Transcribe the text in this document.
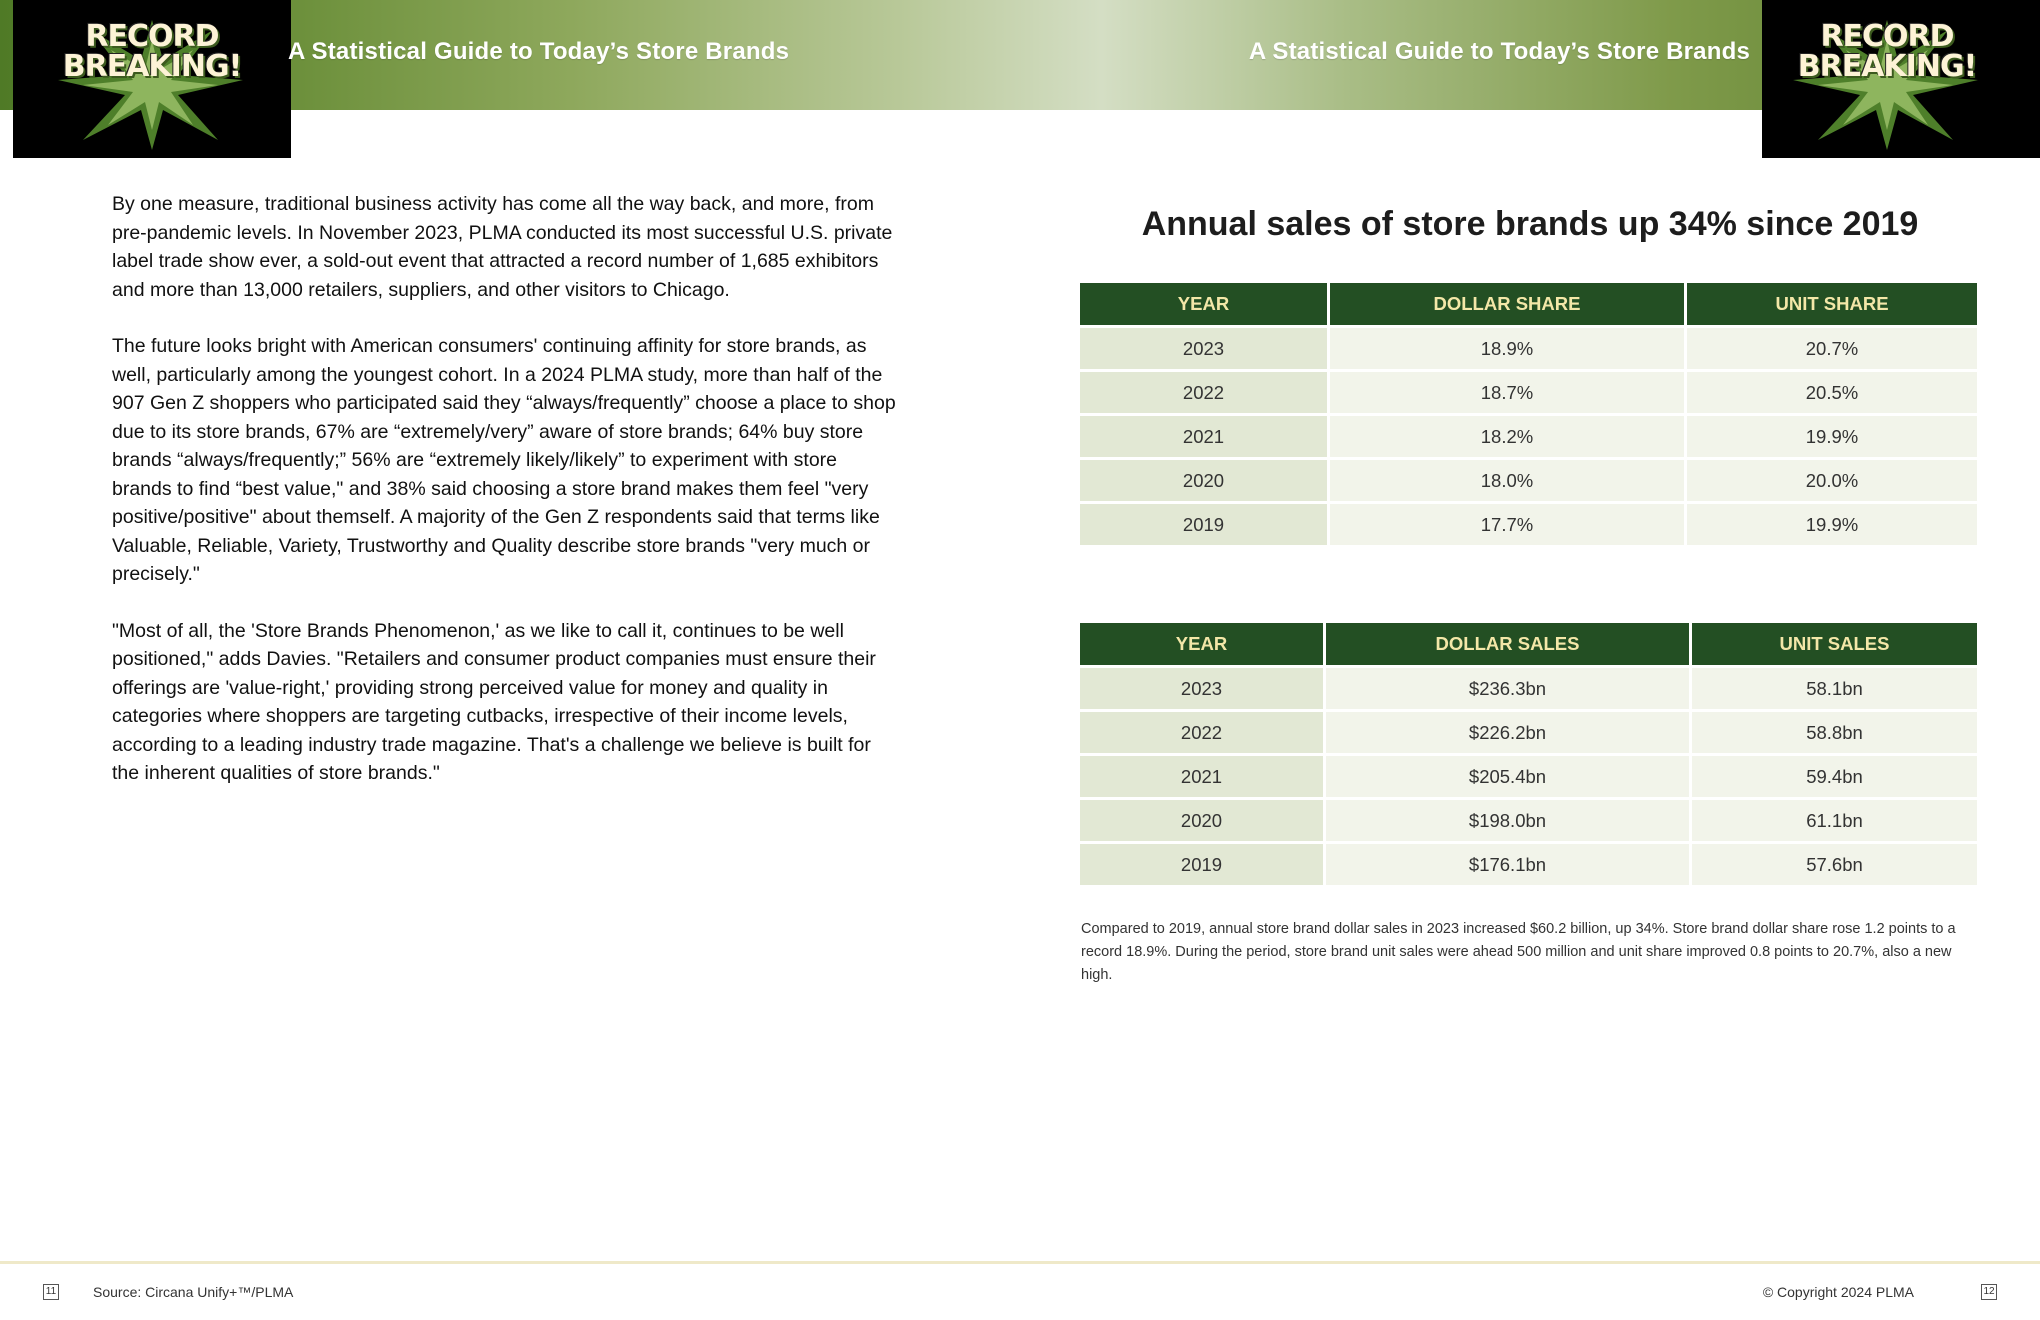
RECORD
BREAKING!	A Statistical Guide to Today’s Store Brands	A Statistical Guide to Today’s Store Brands	RECORD
BREAKING!

By one measure, traditional business activity has come all the way back, and more, from pre-pandemic levels. In November 2023, PLMA conducted its most successful U.S. private label trade show ever, a sold-out event that attracted a record number of 1,685 exhibitors and more than 13,000 retailers, suppliers, and other visitors to Chicago.

The future looks bright with American consumers' continuing affinity for store brands, as well, particularly among the youngest cohort. In a 2024 PLMA study, more than half of the 907 Gen Z shoppers who participated said they “always/frequently” choose a place to shop due to its store brands, 67% are “extremely/very” aware of store brands; 64% buy store brands “always/frequently;” 56% are “extremely likely/likely” to experiment with store brands to find “best value," and 38% said choosing a store brand makes them feel "very positive/positive" about themself. A majority of the Gen Z respondents said that terms like Valuable, Reliable, Variety, Trustworthy and Quality describe store brands "very much or precisely."

"Most of all, the 'Store Brands Phenomenon,' as we like to call it, continues to be well positioned," adds Davies. "Retailers and consumer product companies must ensure their offerings are 'value-right,' providing strong perceived value for money and quality in categories where shoppers are targeting cutbacks, irrespective of their income levels, according to a leading industry trade magazine. That's a challenge we believe is built for the inherent qualities of store brands."

Annual sales of store brands up 34% since 2019
YEAR	DOLLAR SHARE	UNIT SHARE
2023	18.9%	20.7%
2022	18.7%	20.5%
2021	18.2%	19.9%
2020	18.0%	20.0%
2019	17.7%	19.9%
YEAR	DOLLAR SALES	UNIT SALES
2023	$236.3bn	58.1bn
2022	$226.2bn	58.8bn
2021	$205.4bn	59.4bn
2020	$198.0bn	61.1bn
2019	$176.1bn	57.6bn
Compared to 2019, annual store brand dollar sales in 2023 increased $60.2 billion, up 34%. Store brand dollar share rose 1.2 points to a record 18.9%. During the period, store brand unit sales were ahead 500 million and unit share improved 0.8 points to 20.7%, also a new high.
11	Source: Circana Unify+™/PLMA	© Copyright 2024 PLMA	12
